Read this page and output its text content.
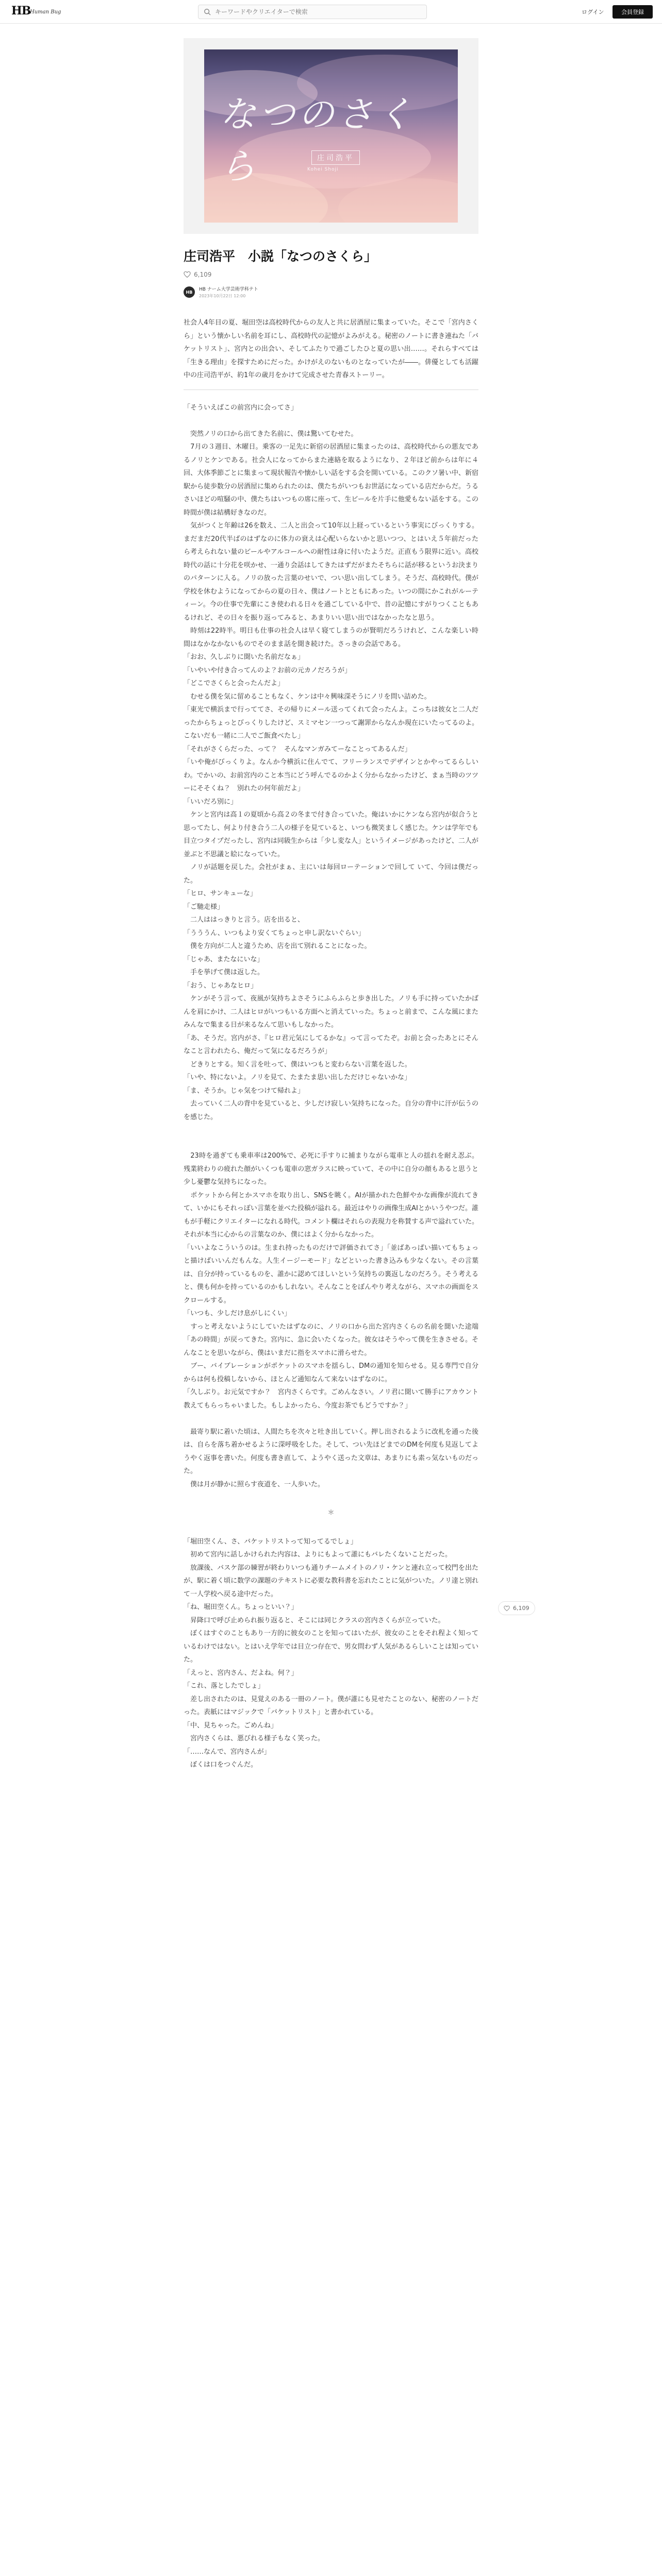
HB
Human Bug
キーワードやクリエイターで検索	ログイン	会員登録
なつのさくら	庄司浩平
Kohei Shoji
庄司浩平　小説「なつのさくら」
6,109
HB	HB ナーム大学芸術学科テト
2023年10月22日 12:00

社会人4年目の夏、堀田空は高校時代からの友人と共に居酒屋に集まっていた。そこで「宮内さくら」という懐かしい名前を耳にし、高校時代の記憶がよみがえる。秘密のノートに書き連ねた「バケットリスト」、宮内との出会い、そしてふたりで過ごしたひと夏の思い出……。それらすべては「生きる理由」を探すためにだった。かけがえのないものとなっていたが――。俳優としても活躍中の庄司浩平が、約1年の歳月をかけて完成させた青春ストーリー。

「そういえばこの前宮内に会ってさ」

　突然ノリの口から出てきた名前に、僕は驚いてむせた。

　7月の３週目、木曜日。乗客の一足先に新宿の居酒屋に集まったのは、高校時代からの悪友であるノリとケンである。社会人になってからまた連絡を取るようになり、２年ほど前からは年に４回、大体季節ごとに集まって現状報告や懐かしい話をする会を開いている。このクソ暑い中、新宿駅から徒歩数分の居酒屋に集められたのは、僕たちがいつもお世話になっている店だからだ。うるさいほどの喧騒の中、僕たちはいつもの席に座って、生ビールを片手に他愛もない話をする。この時間が僕は結構好きなのだ。

　気がつくと年齢は26を数え、二人と出会って10年以上経っているという事実にびっくりする。まだまだ20代半ばのはずなのに体力の衰えは心配いらないかと思いつつ、とはいえ５年前だったら考えられない量のビールやアルコールへの耐性は身に付いたようだ。正直もう限界に近い。高校時代の話に十分花を咲かせ、一通り会話はしてきたはずだがまたそちらに話が移るというお決まりのパターンに入る。ノリの放った言葉のせいで、つい思い出してしまう。そうだ、高校時代。僕が学校を休むようになってからの夏の日々、僕はノートとともにあった。いつの間にかこれがルーティーン。今の仕事で先輩にこき使われる日々を過ごしている中で、昔の記憶にすがりつくこともあるけれど、その日々を振り返ってみると、あまりいい思い出ではなかったなと思う。

　時刻は22時半。明日も仕事の社会人は早く寝てしまうのが賢明だろうけれど、こんな楽しい時間はなかなかないものでそのまま話を聞き続けた。さっきの会話である。

「おお、久しぶりに聞いた名前だなぁ」

「いやいや付き合ってんのよ？お前の元カノだろうが」

「どこでさくらと会ったんだよ」

　むせる僕を気に留めることもなく、ケンは中々興味深そうにノリを問い詰めた。

「東光で横浜まで行っててさ、その帰りにメール送ってくれて会ったんよ。こっちは彼女と二人だったからちょっとびっくりしたけど、スミマセン一つって謝罪からなんか現在にいたってるのよ。こないだも一緒に二人でご飯食べたし」

「それがさくらだった、って？　そんなマンガみてーなことってあるんだ」

「いや俺がびっくりよ。なんか今横浜に住んでて、フリーランスでデザインとかやってるらしいわ。でかいの、お前宮内のこと本当にどう呼んでるのかよく分からなかったけど、まぁ当時のツツーにそそくね？　別れたの何年前だよ」

「いいだろ別に」

　ケンと宮内は高１の夏頃から高２の冬まで付き合っていた。俺はいかにケンなら宮内が似合うと思ってたし、何より付き合う二人の様子を見ていると、いつも微笑ましく感じた。ケンは学年でも目立つタイプだったし、宮内は同級生からは「少し変な人」というイメージがあったけど、二人が並ぶと不思議と絵になっていた。

　ノリが話題を戻した。会社がまぁ、主にいは毎回ローテーションで回して いて、今回は僕だった。

「ヒロ、サンキューな」

「ご馳走様」

　二人ははっきりと言う。店を出ると、

「うううん、いつもより安くてちょっと申し訳ないぐらい」

　僕を方向が二人と違うため、店を出て別れることになった。

「じゃあ、またなにいな」

　手を挙げて僕は返した。

「おう、じゃあなヒロ」

　ケンがそう言って、夜風が気持ちよさそうにふらふらと歩き出した。ノリも手に持っていたかばんを肩にかけ、二人はヒロがいつもいる方面へと消えていった。ちょっと前まで、こんな風にまたみんなで集まる日が来るなんて思いもしなかった。

「あ、そうだ。宮内がさ、『ヒロ君元気にしてるかな』って言ってたぞ。お前と会ったあとにそんなこと言われたら、俺だって気になるだろうが」

　どきりとする。知く言を吐って、僕はいつもと変わらない言葉を返した。

「いや、特にないよ。ノリを見て、たまたま思い出しただけじゃないかな」

「ま、そうか。じゃ気をつけて帰れよ」

　去っていく二人の背中を見ていると、少しだけ寂しい気持ちになった。自分の背中に汗が伝うのを感じた。

　23時を過ぎても乗車率は200%で、必死に手すりに捕まりながら電車と人の揺れを耐え忍ぶ。残業終わりの疲れた顔がいくつも電車の窓ガラスに映っていて、その中に自分の顔もあると思うと少し憂鬱な気持ちになった。

　ポケットから何とかスマホを取り出し、SNSを眺く。AIが描かれた色鮮やかな画像が流れてきて、いかにもそれっぽい言葉を並べた投稿が溢れる。最近はやりの画像生成AIとかいうやつだ。誰もが手軽にクリエイターになれる時代。コメント欄はそれらの表現力を称賛する声で溢れていた。それが本当に心からの言葉なのか、僕にはよく分からなかった。

「いいよなこういうのは。生まれ持ったものだけで評価されてさ」「並ばあっぱい描いてもちょっと描けばいいんだもんな。人生イージーモード」などといった書き込みも少なくない。その言葉は、自分が持っているものを、誰かに認めてほしいという気持ちの裏返しなのだろう。そう考えると、僕も何かを持っているのかもしれない。そんなことをぼんやり考えながら、スマホの画面をスクロールする。

「いつも、少しだけ息がしにくい」

　すっと考えないようにしていたはずなのに、ノリの口から出た宮内さくらの名前を聞いた途端「あの時間」が戻ってきた。宮内に、急に会いたくなった。彼女はそうやって僕を生きさせる。そんなことを思いながら、僕はいまだに指をスマホに滑らせた。

　ブー、バイブレーションがポケットのスマホを揺らし、DMの通知を知らせる。見る専門で自分からは何も投稿しないから、ほとんど通知なんて来ないはずなのに。

「久しぶり。お元気ですか？　宮内さくらです。ごめんなさい。ノリ君に聞いて勝手にアカウント教えてもらっちゃいました。もしよかったら、今度お茶でもどうですか？」

　最寄り駅に着いた頃は、人間たちを次々と吐き出していく。押し出されるように改札を通った後は、自らを落ち着かせるように深呼吸をした。そして、つい先ほどまでのDMを何度も見返してようやく返事を書いた。何度も書き直して、ようやく送った文章は、あまりにも素っ気ないものだった。

　僕は月が静かに照らす夜道を、一人歩いた。

＊

「堀田空くん、さ、バケットリストって知ってるでしょ」

　初めて宮内に話しかけられた内容は、よりにもよって誰にもバレたくないことだった。

　放課後、バスケ部の練習が終わりいつも通りチームメイトのノリ・ケンと連れ立って校門を出たが、駅に着く頃に数学の課題のテキストに必要な教科書を忘れたことに気がついた。ノリ達と別れて一人学校へ戻る途中だった。

「ね、堀田空くん。ちょっといい？」

　昇降口で呼び止められ振り返ると、そこには同じクラスの宮内さくらが立っていた。

　ぼくはすぐのこともあり一方的に彼女のことを知ってはいたが、彼女のことをそれ程よく知っているわけではない。とはいえ学年では目立つ存在で、男女問わず人気があるらしいことは知っていた。

「えっと、宮内さん、だよね。何？」

「これ、落としたでしょ」

　差し出されたのは、見覚えのある一冊のノート。僕が誰にも見せたことのない、秘密のノートだった。表紙にはマジックで「バケットリスト」と書かれている。

「中、見ちゃった。ごめんね」

　宮内さくらは、悪びれる様子もなく笑った。

「……なんで、宮内さんが」

　ぼくは口をつぐんだ。

6,109
